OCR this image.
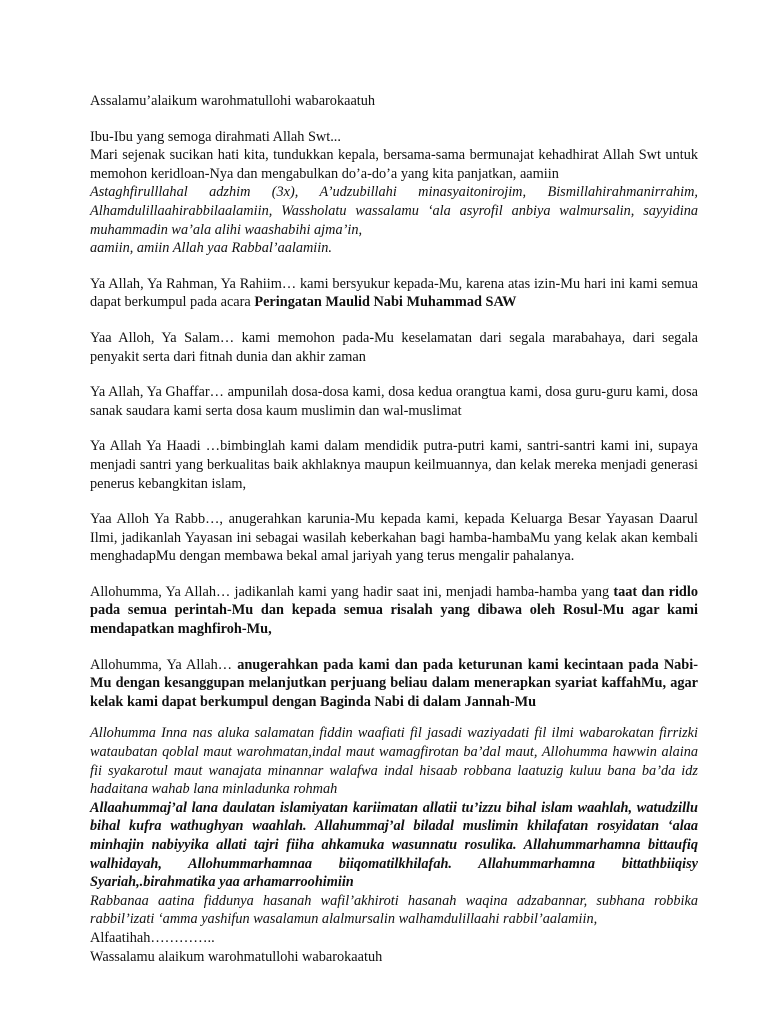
Assalamu’alaikum warohmatullohi wabarokaatuh

Ibu-Ibu yang semoga dirahmati Allah Swt...

Mari sejenak sucikan hati kita, tundukkan kepala, bersama-sama bermunajat kehadhirat Allah Swt untuk memohon keridloan-Nya dan mengabulkan do’a-do’a yang kita panjatkan, aamiin

Astaghfirulllahal adzhim (3x), A’udzubillahi minasyaitonirojim, Bismillahirahmanirrahim, Alhamdulillaahirabbilaalamiin, Wassholatu wassalamu ‘ala asyrofil anbiya walmursalin, sayyidina muhammadin wa’ala alihi waashabihi ajma’in,

aamiin, amiin Allah yaa Rabbal’aalamiin.

Ya Allah, Ya Rahman, Ya Rahiim… kami bersyukur kepada-Mu, karena atas izin-Mu hari ini kami semua dapat berkumpul pada acara Peringatan Maulid Nabi Muhammad SAW

Yaa Alloh, Ya Salam… kami memohon pada-Mu keselamatan dari segala marabahaya, dari segala penyakit serta dari fitnah dunia dan akhir zaman

Ya Allah, Ya Ghaffar… ampunilah dosa-dosa kami, dosa kedua orangtua kami, dosa guru-guru kami, dosa sanak saudara kami serta dosa kaum muslimin dan wal-muslimat

Ya Allah Ya Haadi …bimbinglah kami dalam mendidik putra-putri kami, santri-santri kami ini, supaya menjadi santri yang berkualitas baik akhlaknya maupun keilmuannya, dan kelak mereka menjadi generasi penerus kebangkitan islam,

Yaa Alloh Ya Rabb…, anugerahkan karunia-Mu kepada kami, kepada Keluarga Besar Yayasan Daarul Ilmi, jadikanlah Yayasan ini sebagai wasilah keberkahan bagi hamba-hambaMu yang kelak akan kembali menghadapMu dengan membawa bekal amal jariyah yang terus mengalir pahalanya.

Allohumma, Ya Allah… jadikanlah kami yang hadir saat ini, menjadi hamba-hamba yang taat dan ridlo pada semua perintah-Mu dan kepada semua risalah yang dibawa oleh Rosul-Mu agar kami mendapatkan maghfiroh-Mu,

Allohumma, Ya Allah… anugerahkan pada kami dan pada keturunan kami kecintaan pada Nabi-Mu dengan kesanggupan melanjutkan perjuang beliau dalam menerapkan syariat kaffahMu, agar kelak kami dapat berkumpul dengan Baginda Nabi di dalam Jannah-Mu

Allohumma Inna nas aluka salamatan fiddin waafiati fil jasadi waziyadati fil ilmi wabarokatan firrizki wataubatan qoblal maut warohmatan,indal maut wamagfirotan ba’dal maut, Allohumma hawwin alaina fii syakarotul maut wanajata minannar walafwa indal hisaab robbana laatuzig kuluu bana ba’da idz hadaitana wahab lana minladunka rohmah

Allaahummaj’al lana daulatan islamiyatan kariimatan allatii tu’izzu bihal islam waahlah, watudzillu bihal kufra wathughyan waahlah. Allahummaj’al biladal muslimin khilafatan rosyidatan ‘alaa minhajin nabiyyika allati tajri fiiha ahkamuka wasunnatu rosulika. Allahummarhamna bittaufiq walhidayah, Allohummarhamnaa biiqomatilkhilafah. Allahummarhamna bittathbiiqisy Syariah,.birahmatika yaa arhamarroohimiin

Rabbanaa aatina fiddunya hasanah wafil’akhiroti hasanah waqina adzabannar, subhana robbika rabbil’izati ‘amma yashifun wasalamun alalmursalin walhamdulillaahi rabbil’aalamiin,

Alfaatihah…………..

Wassalamu alaikum warohmatullohi wabarokaatuh
